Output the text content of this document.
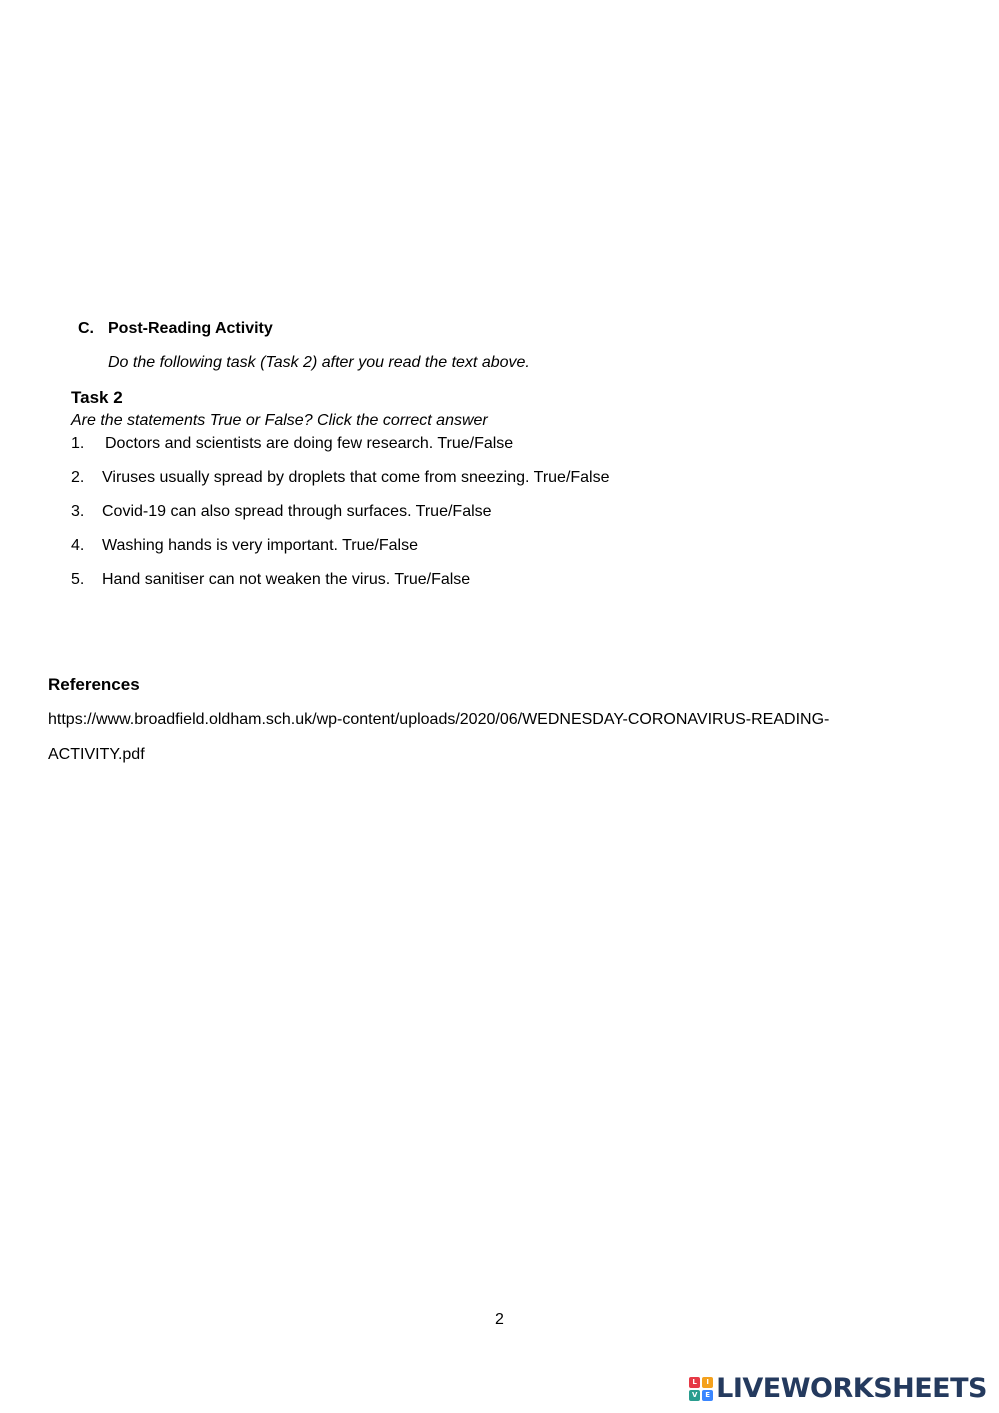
C. Post-Reading Activity
Do the following task (Task 2) after you read the text above.
Task 2
Are the statements True or False? Click the correct answer
1. Doctors and scientists are doing few research. True/False
2. Viruses usually spread by droplets that come from sneezing. True/False
3. Covid-19 can also spread through surfaces. True/False
4. Washing hands is very important. True/False
5. Hand sanitiser can not weaken the virus. True/False
References
https://www.broadfield.oldham.sch.uk/wp-content/uploads/2020/06/WEDNESDAY-CORONAVIRUS-READING-
ACTIVITY.pdf
2
L	I
V	E LIVEWORKSHEETS
